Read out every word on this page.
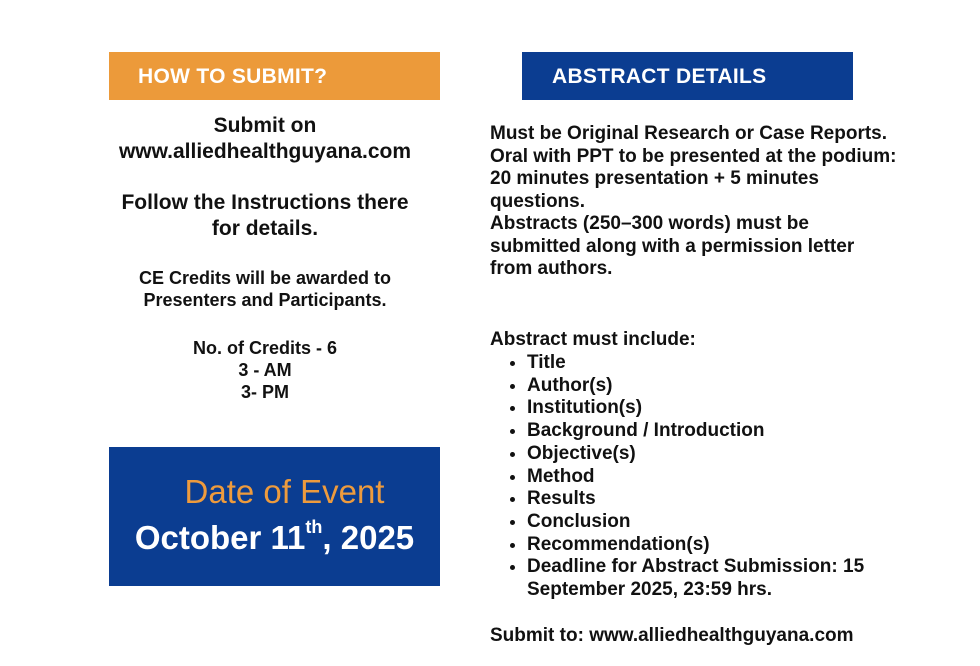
HOW TO SUBMIT?
Submit on
www.alliedhealthguyana.com
Follow the Instructions there
for details.
CE Credits will be awarded to
Presenters and Participants.
No. of Credits - 6
3 - AM
3- PM
Date of Event
October 11th, 2025
ABSTRACT DETAILS

Must be Original Research or Case Reports.

Oral with PPT to be presented at the podium:

20 minutes presentation + 5 minutes

questions.

Abstracts (250–300 words) must be

submitted along with a permission letter

from authors.

Abstract must include:
• Title
• Author(s)
• Institution(s)
• Background / Introduction
• Objective(s)
• Method
• Results
• Conclusion
• Recommendation(s)
• Deadline for Abstract Submission: 15 September 2025, 23:59 hrs.
Submit to: www.alliedhealthguyana.com
